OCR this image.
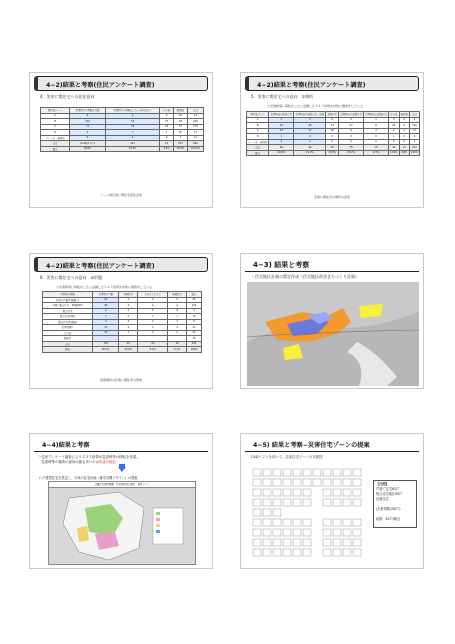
4−2)結果と考察(住民アンケート調査)
4．災害に関住宅への居住意向
居住地ゾーン	災害時等の移転は可能	災害時等の移転はしたいが出来ない	その他	無回答	合計
A	4	4	5	26	13
B	130	53	27	38	209
C	71	79	19	11	178
D	2	7	1	30	74
ゾーン外・無回答	2	2	0	3	11
合計	(A+B)(1) 2 1	141	53	105	566
割合	38.6%	24.9%	9.4%	18.6%	100.0%
ゾーン別災害に関住宅居住意向
4−2)結果と考察(住民アンケート調査)
5．災害に関住宅への意向　①場所
＊災害時等に移転をしたい意識した２４３世帯を対象に調査をしている
居住地ゾーン	災害時前の地域の中	災害時前の地域の外・近接	近接の中	災害時前の近接の外	災害時前の近接の外	その他	無回答	合計
A	1	4	0	0	1	0	0	6
B	44	26	14	27	6	25	9	151
C	23	11	16	8	3	4	2	67
D	1	4	0	0	0	1	0	6
ゾーン外・無回答	0	1	0	0	0	0	0	1
合計	69	46	30	35	10	30	11	231
割合	29.9%	19.9%	13.0%	15.2%	4.3%	13.0%	4.8%	100%
災害に関住宅の場所の意向
4−2)結果と考察(住民アンケート調査)
6．災害に関住宅への意向　②形態
＊災害時等に移転をしたい意識した２４３世帯を対象に調査をしている
災害時の形態	災害時の戸建	共同住宅	どちらでもよい	無回答等	総計
共同の戸建(平屋建て)	21	5	0	0	26
共同の集合住宅・2階建(2F)	99	5	4	4	122
集合住宅	2	1	0	0	3
集合住宅(3階)	7	0	7	1	15
集合住宅(中高層)	3	2	2	1	8
災害別居住	12	5	3	2	22
その他	15	7	3	0	25
無回答					15
合計	159	25	20	10	243
割合	66.7%	12.8%	8.2%	4.1%	100%
希望場所の災害に関住宅の形態
4−3) 結果と考察
・住宅地区計画の策定作成（住宅地区改良まちづくり計画）
4−4)結果と考察
＞住民アンケート調査により２４３世帯が災害時等の移転を希望。
　災害時等の場所の意向は最も多いのは災害の地区
２.戸建型住宅を設定し、平成の住宅計画（都市空間デザイン）の提案
計画住宅地区整備　住宅地区改良事業　地区ゾーン
4−5) 結果と考察−災害住宅ゾーンの提案
CADソフトを用いて、災害住宅ゾーンの平面図
【凡例】
戸建て住宅62戸
集合住宅地区50戸
区画住宅
(全世帯数150戸)
総数　62戸/地区
